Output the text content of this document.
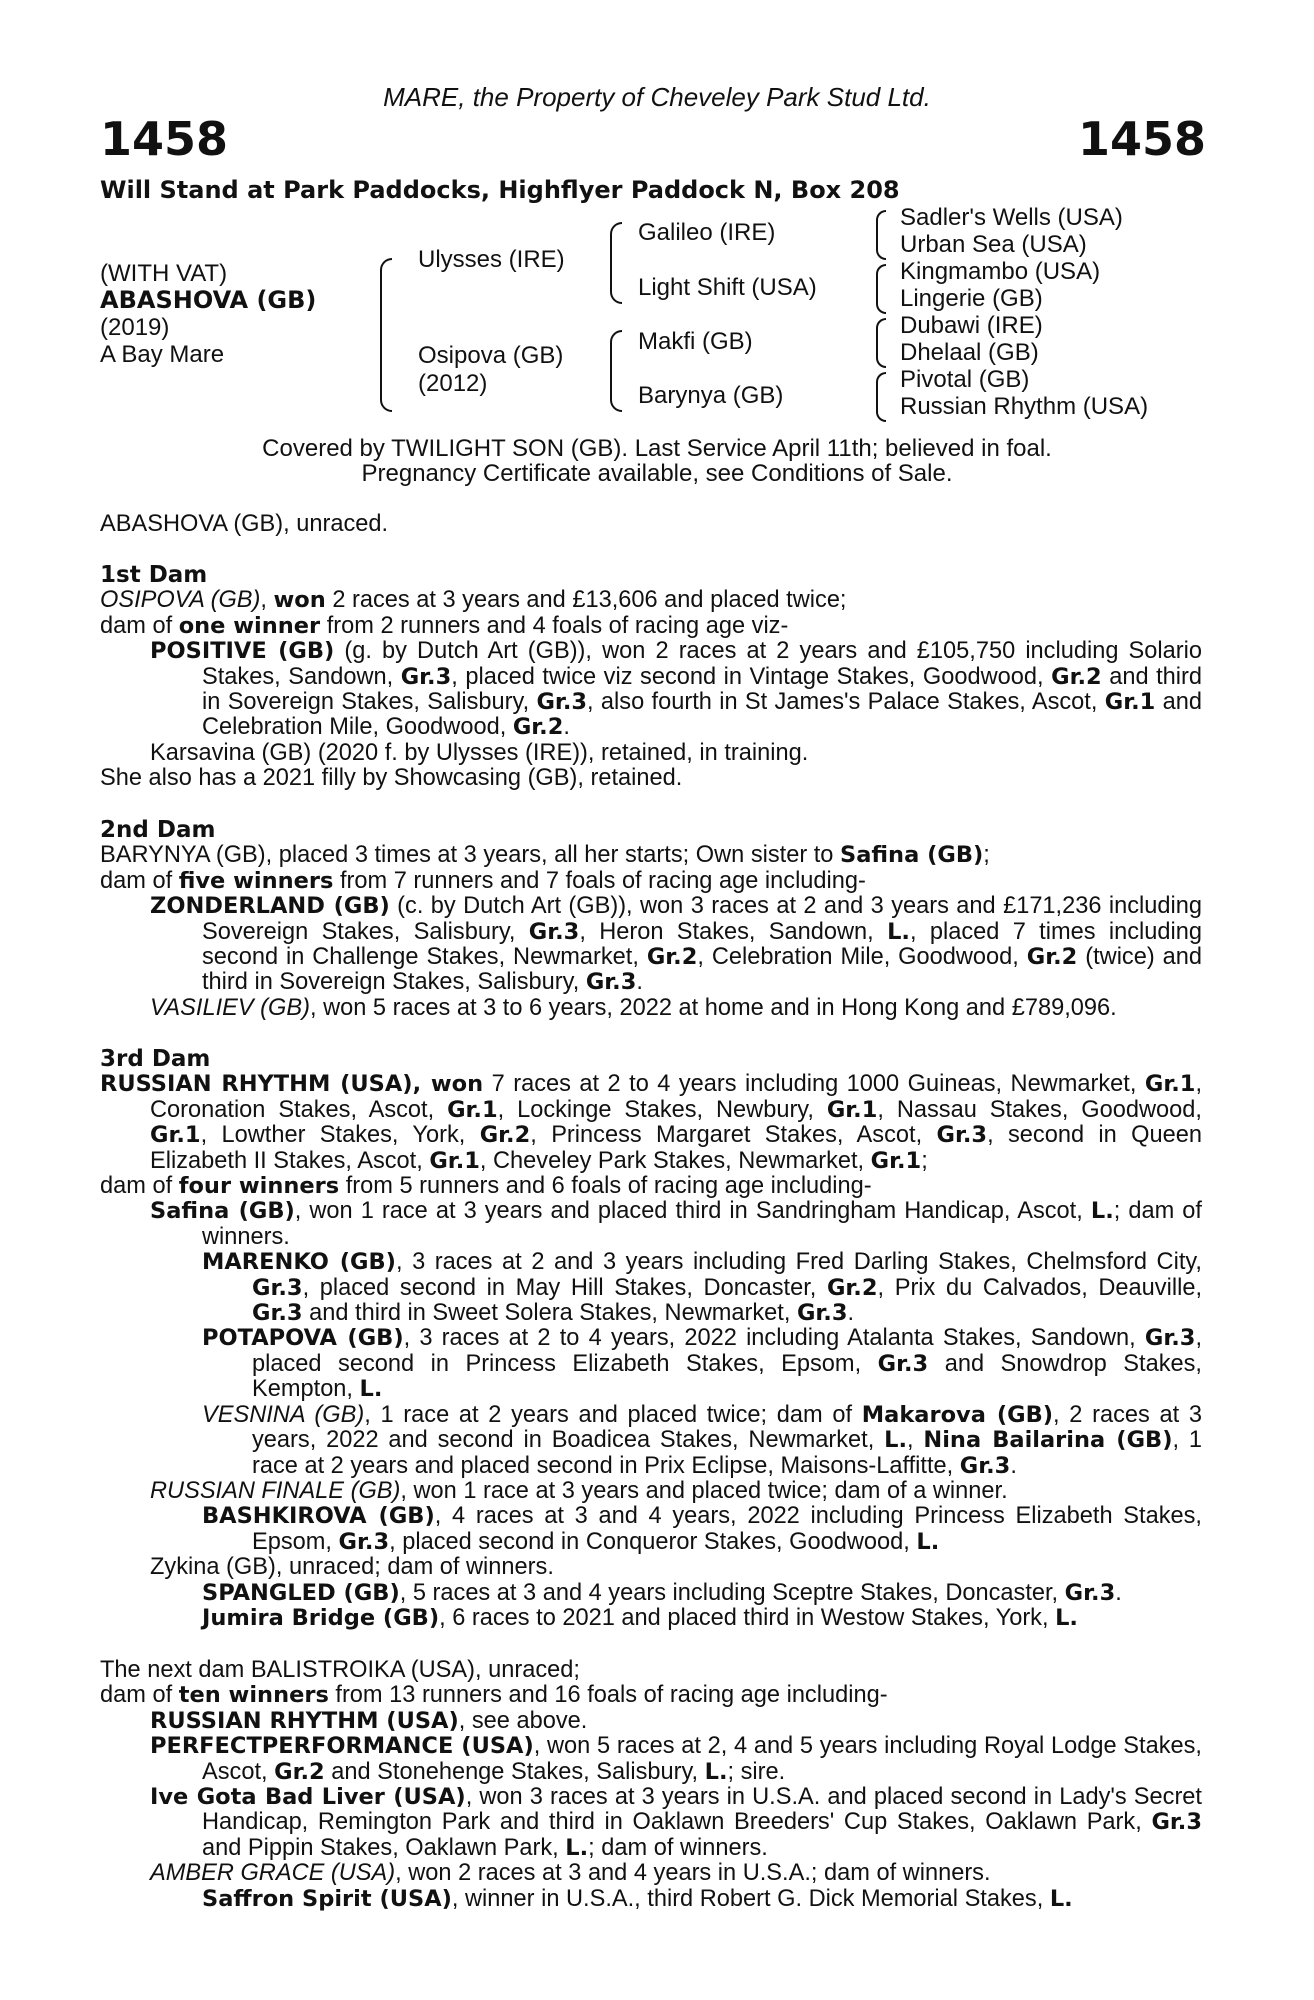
MARE, the Property of Cheveley Park Stud Ltd.
1458	1458
Will Stand at Park Paddocks, Highflyer Paddock N, Box 208
(WITH VAT)
ABASHOVA (GB)
(2019)
A Bay Mare
Ulysses (IRE)
Osipova (GB)
(2012)
Galileo (IRE)
Light Shift (USA)
Makfi (GB)
Barynya (GB)
Sadler's Wells (USA)
Urban Sea (USA)
Kingmambo (USA)
Lingerie (GB)
Dubawi (IRE)
Dhelaal (GB)
Pivotal (GB)
Russian Rhythm (USA)
Covered by TWILIGHT SON (GB). Last Service April 11th; believed in foal.
Pregnancy Certificate available, see Conditions of Sale.

ABASHOVA (GB), unraced.

1st Dam

OSIPOVA (GB), won 2 races at 3 years and £13,606 and placed twice;

dam of one winner from 2 runners and 4 foals of racing age viz-

POSITIVE (GB) (g. by Dutch Art (GB)), won 2 races at 2 years and £105,750 including Solario Stakes, Sandown, Gr.3, placed twice viz second in Vintage Stakes, Goodwood, Gr.2 and third in Sovereign Stakes, Salisbury, Gr.3, also fourth in St James's Palace Stakes, Ascot, Gr.1 and Celebration Mile, Goodwood, Gr.2.

Karsavina (GB) (2020 f. by Ulysses (IRE)), retained, in training.

She also has a 2021 filly by Showcasing (GB), retained.

2nd Dam

BARYNYA (GB), placed 3 times at 3 years, all her starts; Own sister to Safina (GB);

dam of five winners from 7 runners and 7 foals of racing age including-

ZONDERLAND (GB) (c. by Dutch Art (GB)), won 3 races at 2 and 3 years and £171,236 including Sovereign Stakes, Salisbury, Gr.3, Heron Stakes, Sandown, L., placed 7 times including second in Challenge Stakes, Newmarket, Gr.2, Celebration Mile, Goodwood, Gr.2 (twice) and third in Sovereign Stakes, Salisbury, Gr.3.

VASILIEV (GB), won 5 races at 3 to 6 years, 2022 at home and in Hong Kong and £789,096.

3rd Dam

RUSSIAN RHYTHM (USA), won 7 races at 2 to 4 years including 1000 Guineas, Newmarket, Gr.1, Coronation Stakes, Ascot, Gr.1, Lockinge Stakes, Newbury, Gr.1, Nassau Stakes, Goodwood, Gr.1, Lowther Stakes, York, Gr.2, Princess Margaret Stakes, Ascot, Gr.3, second in Queen Elizabeth II Stakes, Ascot, Gr.1, Cheveley Park Stakes, Newmarket, Gr.1;

dam of four winners from 5 runners and 6 foals of racing age including-

Safina (GB), won 1 race at 3 years and placed third in Sandringham Handicap, Ascot, L.; dam of winners.

MARENKO (GB), 3 races at 2 and 3 years including Fred Darling Stakes, Chelmsford City, Gr.3, placed second in May Hill Stakes, Doncaster, Gr.2, Prix du Calvados, Deauville, Gr.3 and third in Sweet Solera Stakes, Newmarket, Gr.3.

POTAPOVA (GB), 3 races at 2 to 4 years, 2022 including Atalanta Stakes, Sandown, Gr.3, placed second in Princess Elizabeth Stakes, Epsom, Gr.3 and Snowdrop Stakes, Kempton, L.

VESNINA (GB), 1 race at 2 years and placed twice; dam of Makarova (GB), 2 races at 3 years, 2022 and second in Boadicea Stakes, Newmarket, L., Nina Bailarina (GB), 1 race at 2 years and placed second in Prix Eclipse, Maisons-Laffitte, Gr.3.

RUSSIAN FINALE (GB), won 1 race at 3 years and placed twice; dam of a winner.

BASHKIROVA (GB), 4 races at 3 and 4 years, 2022 including Princess Elizabeth Stakes, Epsom, Gr.3, placed second in Conqueror Stakes, Goodwood, L.

Zykina (GB), unraced; dam of winners.

SPANGLED (GB), 5 races at 3 and 4 years including Sceptre Stakes, Doncaster, Gr.3.

Jumira Bridge (GB), 6 races to 2021 and placed third in Westow Stakes, York, L.

The next dam BALISTROIKA (USA), unraced;

dam of ten winners from 13 runners and 16 foals of racing age including-

RUSSIAN RHYTHM (USA), see above.

PERFECTPERFORMANCE (USA), won 5 races at 2, 4 and 5 years including Royal Lodge Stakes, Ascot, Gr.2 and Stonehenge Stakes, Salisbury, L.; sire.

Ive Gota Bad Liver (USA), won 3 races at 3 years in U.S.A. and placed second in Lady's Secret Handicap, Remington Park and third in Oaklawn Breeders' Cup Stakes, Oaklawn Park, Gr.3 and Pippin Stakes, Oaklawn Park, L.; dam of winners.

AMBER GRACE (USA), won 2 races at 3 and 4 years in U.S.A.; dam of winners.

Saffron Spirit (USA), winner in U.S.A., third Robert G. Dick Memorial Stakes, L.
